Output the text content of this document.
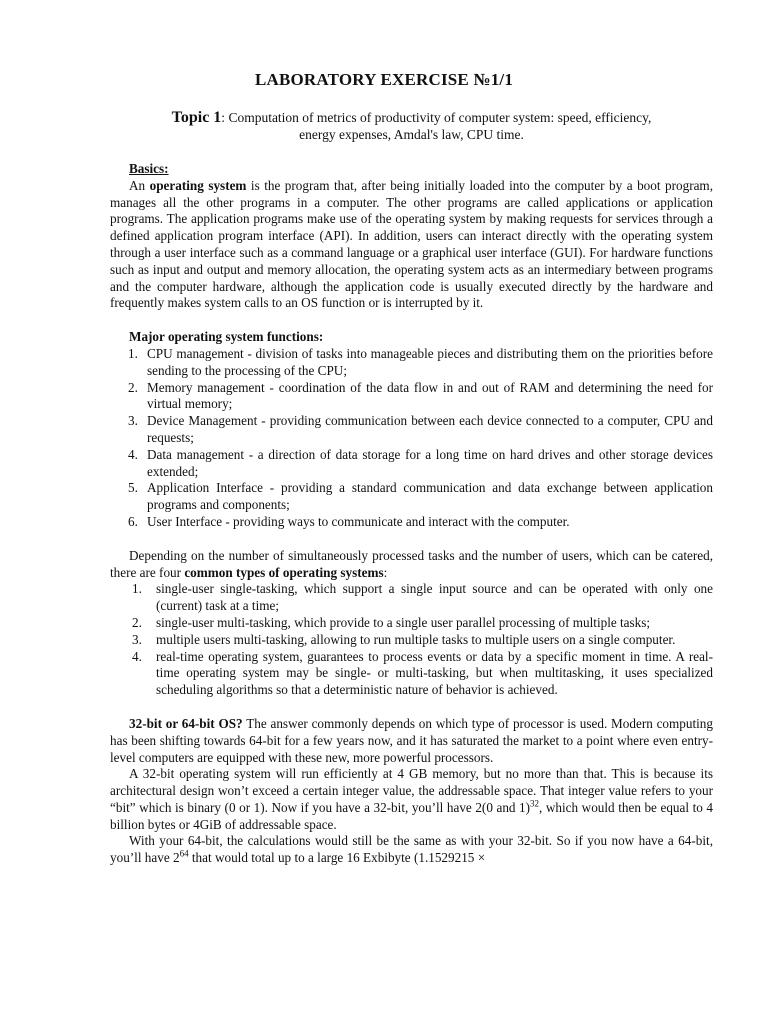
LABORATORY EXERCISE №1/1
Topic 1: Computation of metrics of productivity of computer system: speed, efficiency,
energy expenses, Amdal's law, CPU time.

Basics:

An operating system is the program that, after being initially loaded into the computer by a boot program, manages all the other programs in a computer. The other programs are called applications or application programs. The application programs make use of the operating system by making requests for services through a defined application program interface (API). In addition, users can interact directly with the operating system through a user interface such as a command language or a graphical user interface (GUI). For hardware functions such as input and output and memory allocation, the operating system acts as an intermediary between programs and the computer hardware, although the application code is usually executed directly by the hardware and frequently makes system calls to an OS function or is interrupted by it.

Major operating system functions:

1. CPU management - division of tasks into manageable pieces and distributing them on the priorities before sending to the processing of the CPU;
2. Memory management - coordination of the data flow in and out of RAM and determining the need for virtual memory;
3. Device Management - providing communication between each device connected to a computer, CPU and requests;
4. Data management - a direction of data storage for a long time on hard drives and other storage devices extended;
5. Application Interface - providing a standard communication and data exchange between application programs and components;
6. User Interface - providing ways to communicate and interact with the computer.

Depending on the number of simultaneously processed tasks and the number of users, which can be catered, there are four common types of operating systems:

1. single-user single-tasking, which support a single input source and can be operated with only one (current) task at a time;
2. single-user multi-tasking, which provide to a single user parallel processing of multiple tasks;
3. multiple users multi-tasking, allowing to run multiple tasks to multiple users on a single computer.
4. real-time operating system, guarantees to process events or data by a specific moment in time. A real-time operating system may be single- or multi-tasking, but when multitasking, it uses specialized scheduling algorithms so that a deterministic nature of behavior is achieved.

32-bit or 64-bit OS? The answer commonly depends on which type of processor is used. Modern computing has been shifting towards 64-bit for a few years now, and it has saturated the market to a point where even entry-level computers are equipped with these new, more powerful processors.

A 32-bit operating system will run efficiently at 4 GB memory, but no more than that. This is because its architectural design won’t exceed a certain integer value, the addressable space. That integer value refers to your “bit” which is binary (0 or 1). Now if you have a 32-bit, you’ll have 2(0 and 1)$^{32}$, which would then be equal to 4 billion bytes or 4GiB of addressable space.

With your 64-bit, the calculations would still be the same as with your 32-bit. So if you now have a 64-bit, you’ll have $2^{64}$ that would total up to a large 16 Exbibyte (1.1529215 ×
